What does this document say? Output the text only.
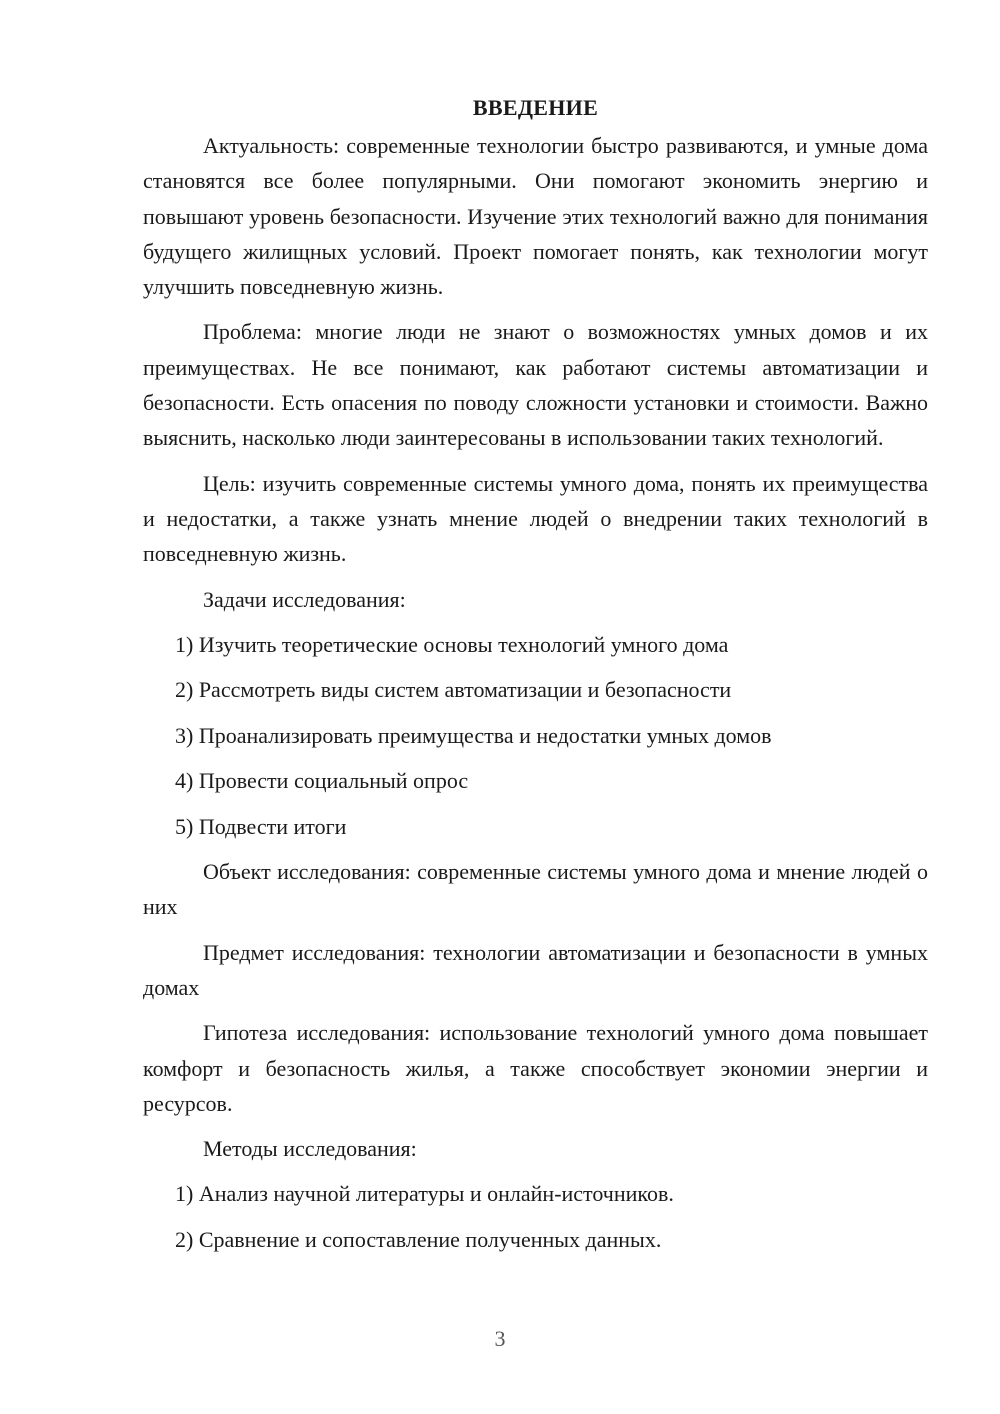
ВВЕДЕНИЕ

Актуальность: современные технологии быстро развиваются, и умные дома становятся все более популярными. Они помогают экономить энергию и повышают уровень безопасности. Изучение этих технологий важно для понимания будущего жилищных условий. Проект помогает понять, как технологии могут улучшить повседневную жизнь.

Проблема: многие люди не знают о возможностях умных домов и их преимуществах. Не все понимают, как работают системы автоматизации и безопасности. Есть опасения по поводу сложности установки и стоимости. Важно выяснить, насколько люди заинтересованы в использовании таких технологий.

Цель: изучить современные системы умного дома, понять их преимущества и недостатки, а также узнать мнение людей о внедрении таких технологий в повседневную жизнь.

Задачи исследования:

1) Изучить теоретические основы технологий умного дома
2) Рассмотреть виды систем автоматизации и безопасности
3) Проанализировать преимущества и недостатки умных домов
4) Провести социальный опрос
5) Подвести итоги

Объект исследования: современные системы умного дома и мнение людей о них

Предмет исследования: технологии автоматизации и безопасности в умных домах

Гипотеза исследования: использование технологий умного дома повышает комфорт и безопасность жилья, а также способствует экономии энергии и ресурсов.

Методы исследования:

1) Анализ научной литературы и онлайн-источников.
2) Сравнение и сопоставление полученных данных.
3
